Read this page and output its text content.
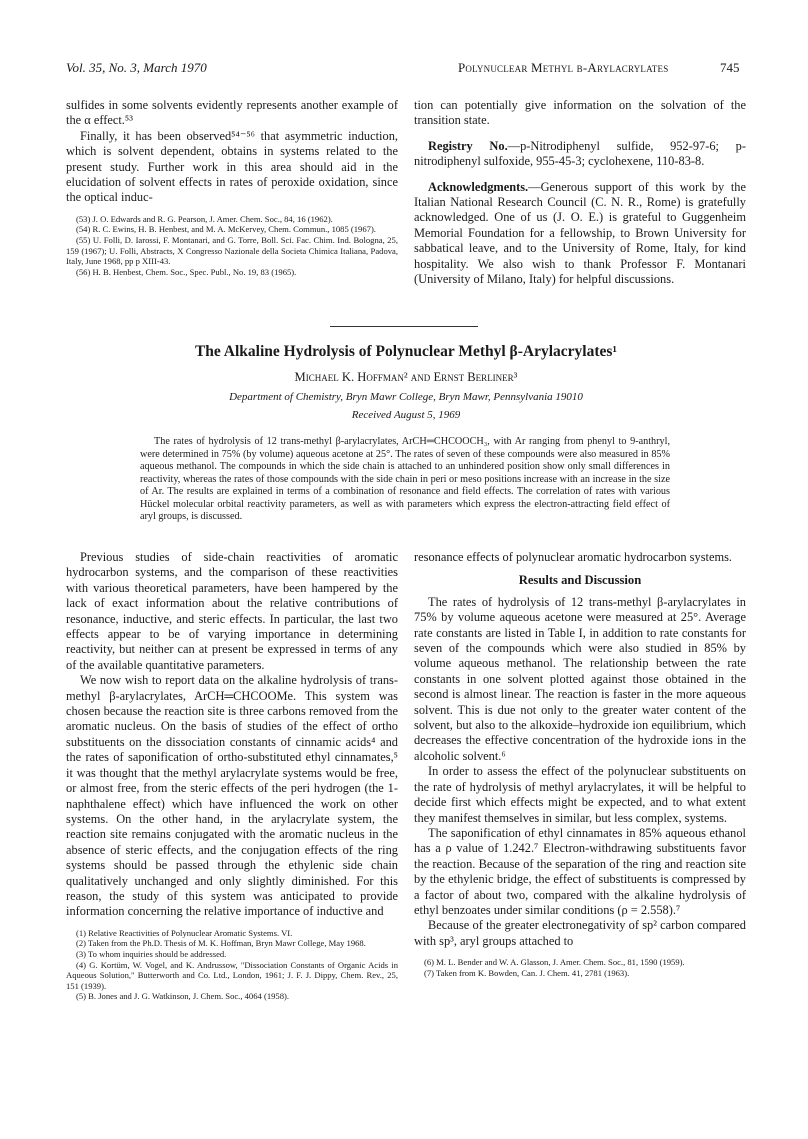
Vol. 35, No. 3, March 1970	Polynuclear Methyl β-Arylacrylates	745

sulfides in some solvents evidently represents another example of the α effect.⁵³

Finally, it has been observed⁵⁴⁻⁵⁶ that asymmetric induction, which is solvent dependent, obtains in systems related to the present study. Further work in this area should aid in the elucidation of solvent effects in rates of peroxide oxidation, since the optical induc-

(53) J. O. Edwards and R. G. Pearson, J. Amer. Chem. Soc., 84, 16 (1962).

(54) R. C. Ewins, H. B. Henbest, and M. A. McKervey, Chem. Commun., 1085 (1967).

(55) U. Folli, D. Iarossi, F. Montanari, and G. Torre, Boll. Sci. Fac. Chim. Ind. Bologna, 25, 159 (1967); U. Folli, Abstracts, X Congresso Nazionale della Societa Chimica Italiana, Padova, Italy, June 1968, pp p XIII-43.

(56) H. B. Henbest, Chem. Soc., Spec. Publ., No. 19, 83 (1965).

tion can potentially give information on the solvation of the transition state.

Registry No.—p-Nitrodiphenyl sulfide, 952-97-6; p-nitrodiphenyl sulfoxide, 955-45-3; cyclohexene, 110-83-8.

Acknowledgments.—Generous support of this work by the Italian National Research Council (C. N. R., Rome) is gratefully acknowledged. One of us (J. O. E.) is grateful to Guggenheim Memorial Foundation for a fellowship, to Brown University for sabbatical leave, and to the University of Rome, Italy, for kind hospitality. We also wish to thank Professor F. Montanari (University of Milano, Italy) for helpful discussions.

The Alkaline Hydrolysis of Polynuclear Methyl β-Arylacrylates¹
Michael K. Hoffman² and Ernst Berliner³
Department of Chemistry, Bryn Mawr College, Bryn Mawr, Pennsylvania 19010
Received August 5, 1969

The rates of hydrolysis of 12 trans-methyl β-arylacrylates, ArCH═CHCOOCH₃, with Ar ranging from phenyl to 9-anthryl, were determined in 75% (by volume) aqueous acetone at 25°. The rates of seven of these compounds were also measured in 85% aqueous methanol. The compounds in which the side chain is attached to an unhindered position show only small differences in reactivity, whereas the rates of those compounds with the side chain in peri or meso positions increase with an increase in the size of Ar. The results are explained in terms of a combination of resonance and field effects. The correlation of rates with various Hückel molecular orbital reactivity parameters, as well as with parameters which express the electron-attracting field effect of aryl groups, is discussed.

Previous studies of side-chain reactivities of aromatic hydrocarbon systems, and the comparison of these reactivities with various theoretical parameters, have been hampered by the lack of exact information about the relative contributions of resonance, inductive, and steric effects. In particular, the last two effects appear to be of varying importance in determining reactivity, but neither can at present be expressed in terms of any of the available quantitative parameters.

We now wish to report data on the alkaline hydrolysis of trans-methyl β-arylacrylates, ArCH═CHCOOMe. This system was chosen because the reaction site is three carbons removed from the aromatic nucleus. On the basis of studies of the effect of ortho substituents on the dissociation constants of cinnamic acids⁴ and the rates of saponification of ortho-substituted ethyl cinnamates,⁵ it was thought that the methyl arylacrylate systems would be free, or almost free, from the steric effects of the peri hydrogen (the 1-naphthalene effect) which have influenced the work on other systems. On the other hand, in the arylacrylate system, the reaction site remains conjugated with the aromatic nucleus in the absence of steric effects, and the conjugation effects of the ring systems should be passed through the ethylenic side chain qualitatively unchanged and only slightly diminished. For this reason, the study of this system was anticipated to provide information concerning the relative importance of inductive and

(1) Relative Reactivities of Polynuclear Aromatic Systems. VI.

(2) Taken from the Ph.D. Thesis of M. K. Hoffman, Bryn Mawr College, May 1968.

(3) To whom inquiries should be addressed.

(4) G. Kortüm, W. Vogel, and K. Andrussow, "Dissociation Constants of Organic Acids in Aqueous Solution," Butterworth and Co. Ltd., London, 1961; J. F. J. Dippy, Chem. Rev., 25, 151 (1939).

(5) B. Jones and J. G. Watkinson, J. Chem. Soc., 4064 (1958).

resonance effects of polynuclear aromatic hydrocarbon systems.

Results and Discussion

The rates of hydrolysis of 12 trans-methyl β-arylacrylates in 75% by volume aqueous acetone were measured at 25°. Average rate constants are listed in Table I, in addition to rate constants for seven of the compounds which were also studied in 85% by volume aqueous methanol. The relationship between the rate constants in one solvent plotted against those obtained in the second is almost linear. The reaction is faster in the more aqueous solvent. This is due not only to the greater water content of the solvent, but also to the alkoxide–hydroxide ion equilibrium, which decreases the effective concentration of the hydroxide ions in the alcoholic solvent.⁶

In order to assess the effect of the polynuclear substituents on the rate of hydrolysis of methyl arylacrylates, it will be helpful to decide first which effects might be expected, and to what extent they manifest themselves in similar, but less complex, systems.

The saponification of ethyl cinnamates in 85% aqueous ethanol has a ρ value of 1.242.⁷ Electron-withdrawing substituents favor the reaction. Because of the separation of the ring and reaction site by the ethylenic bridge, the effect of substituents is compressed by a factor of about two, compared with the alkaline hydrolysis of ethyl benzoates under similar conditions (ρ = 2.558).⁷

Because of the greater electronegativity of sp² carbon compared with sp³, aryl groups attached to

(6) M. L. Bender and W. A. Glasson, J. Amer. Chem. Soc., 81, 1590 (1959).

(7) Taken from K. Bowden, Can. J. Chem. 41, 2781 (1963).
